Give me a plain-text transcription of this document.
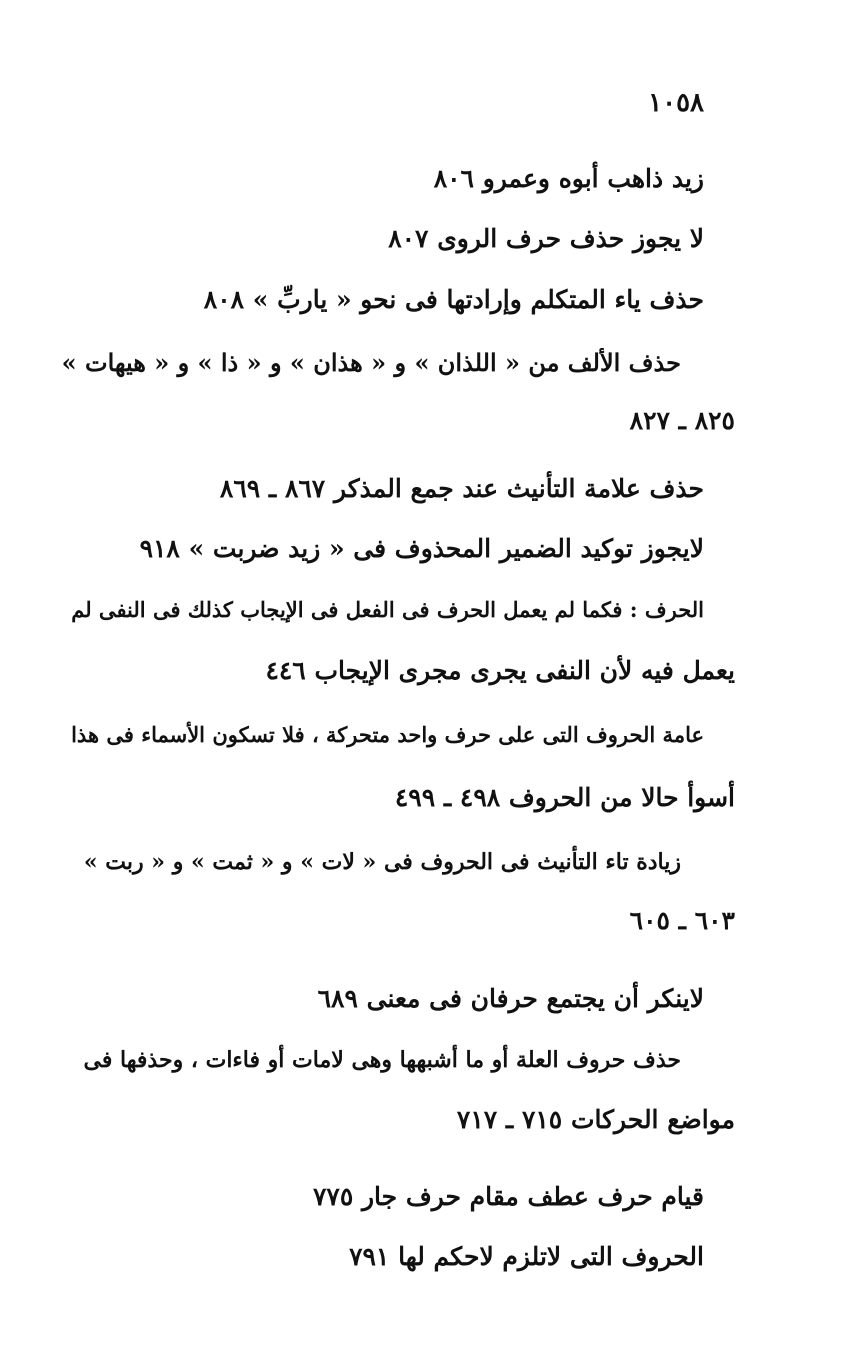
١٠٥٨
زيد ذاهب أبوه وعمرو ٨٠٦
لا يجوز حذف حرف الروى ٨٠٧
حذف ياء المتكلم وإرادتها فى نحو « ياربِّ » ٨٠٨
حذف الألف من « اللذان » و « هذان » و « ذا » و « هيهات »
٨٢٥ ـ ٨٢٧
حذف علامة التأنيث عند جمع المذكر ٨٦٧ ـ ٨٦٩
لايجوز توكيد الضمير المحذوف فى « زيد ضربت » ٩١٨
الحرف : فكما لم يعمل الحرف فى الفعل فى الإيجاب كذلك فى النفى لم
يعمل فيه لأن النفى يجرى مجرى الإيجاب ٤٤٦
عامة الحروف التى على حرف واحد متحركة ، فلا تسكون الأسماء فى هذا
أسوأ حالا من الحروف ٤٩٨ ـ ٤٩٩
زيادة تاء التأنيث فى الحروف فى « لات » و « ثمت » و « ربت »
٦٠٣ ـ ٦٠٥
لاينكر أن يجتمع حرفان فى معنى ٦٨٩
حذف حروف العلة أو ما أشبهها وهى لامات أو فاءات ، وحذفها فى
مواضع الحركات ٧١٥ ـ ٧١٧
قيام حرف عطف مقام حرف جار ٧٧٥
الحروف التى لاتلزم لاحكم لها ٧٩١
